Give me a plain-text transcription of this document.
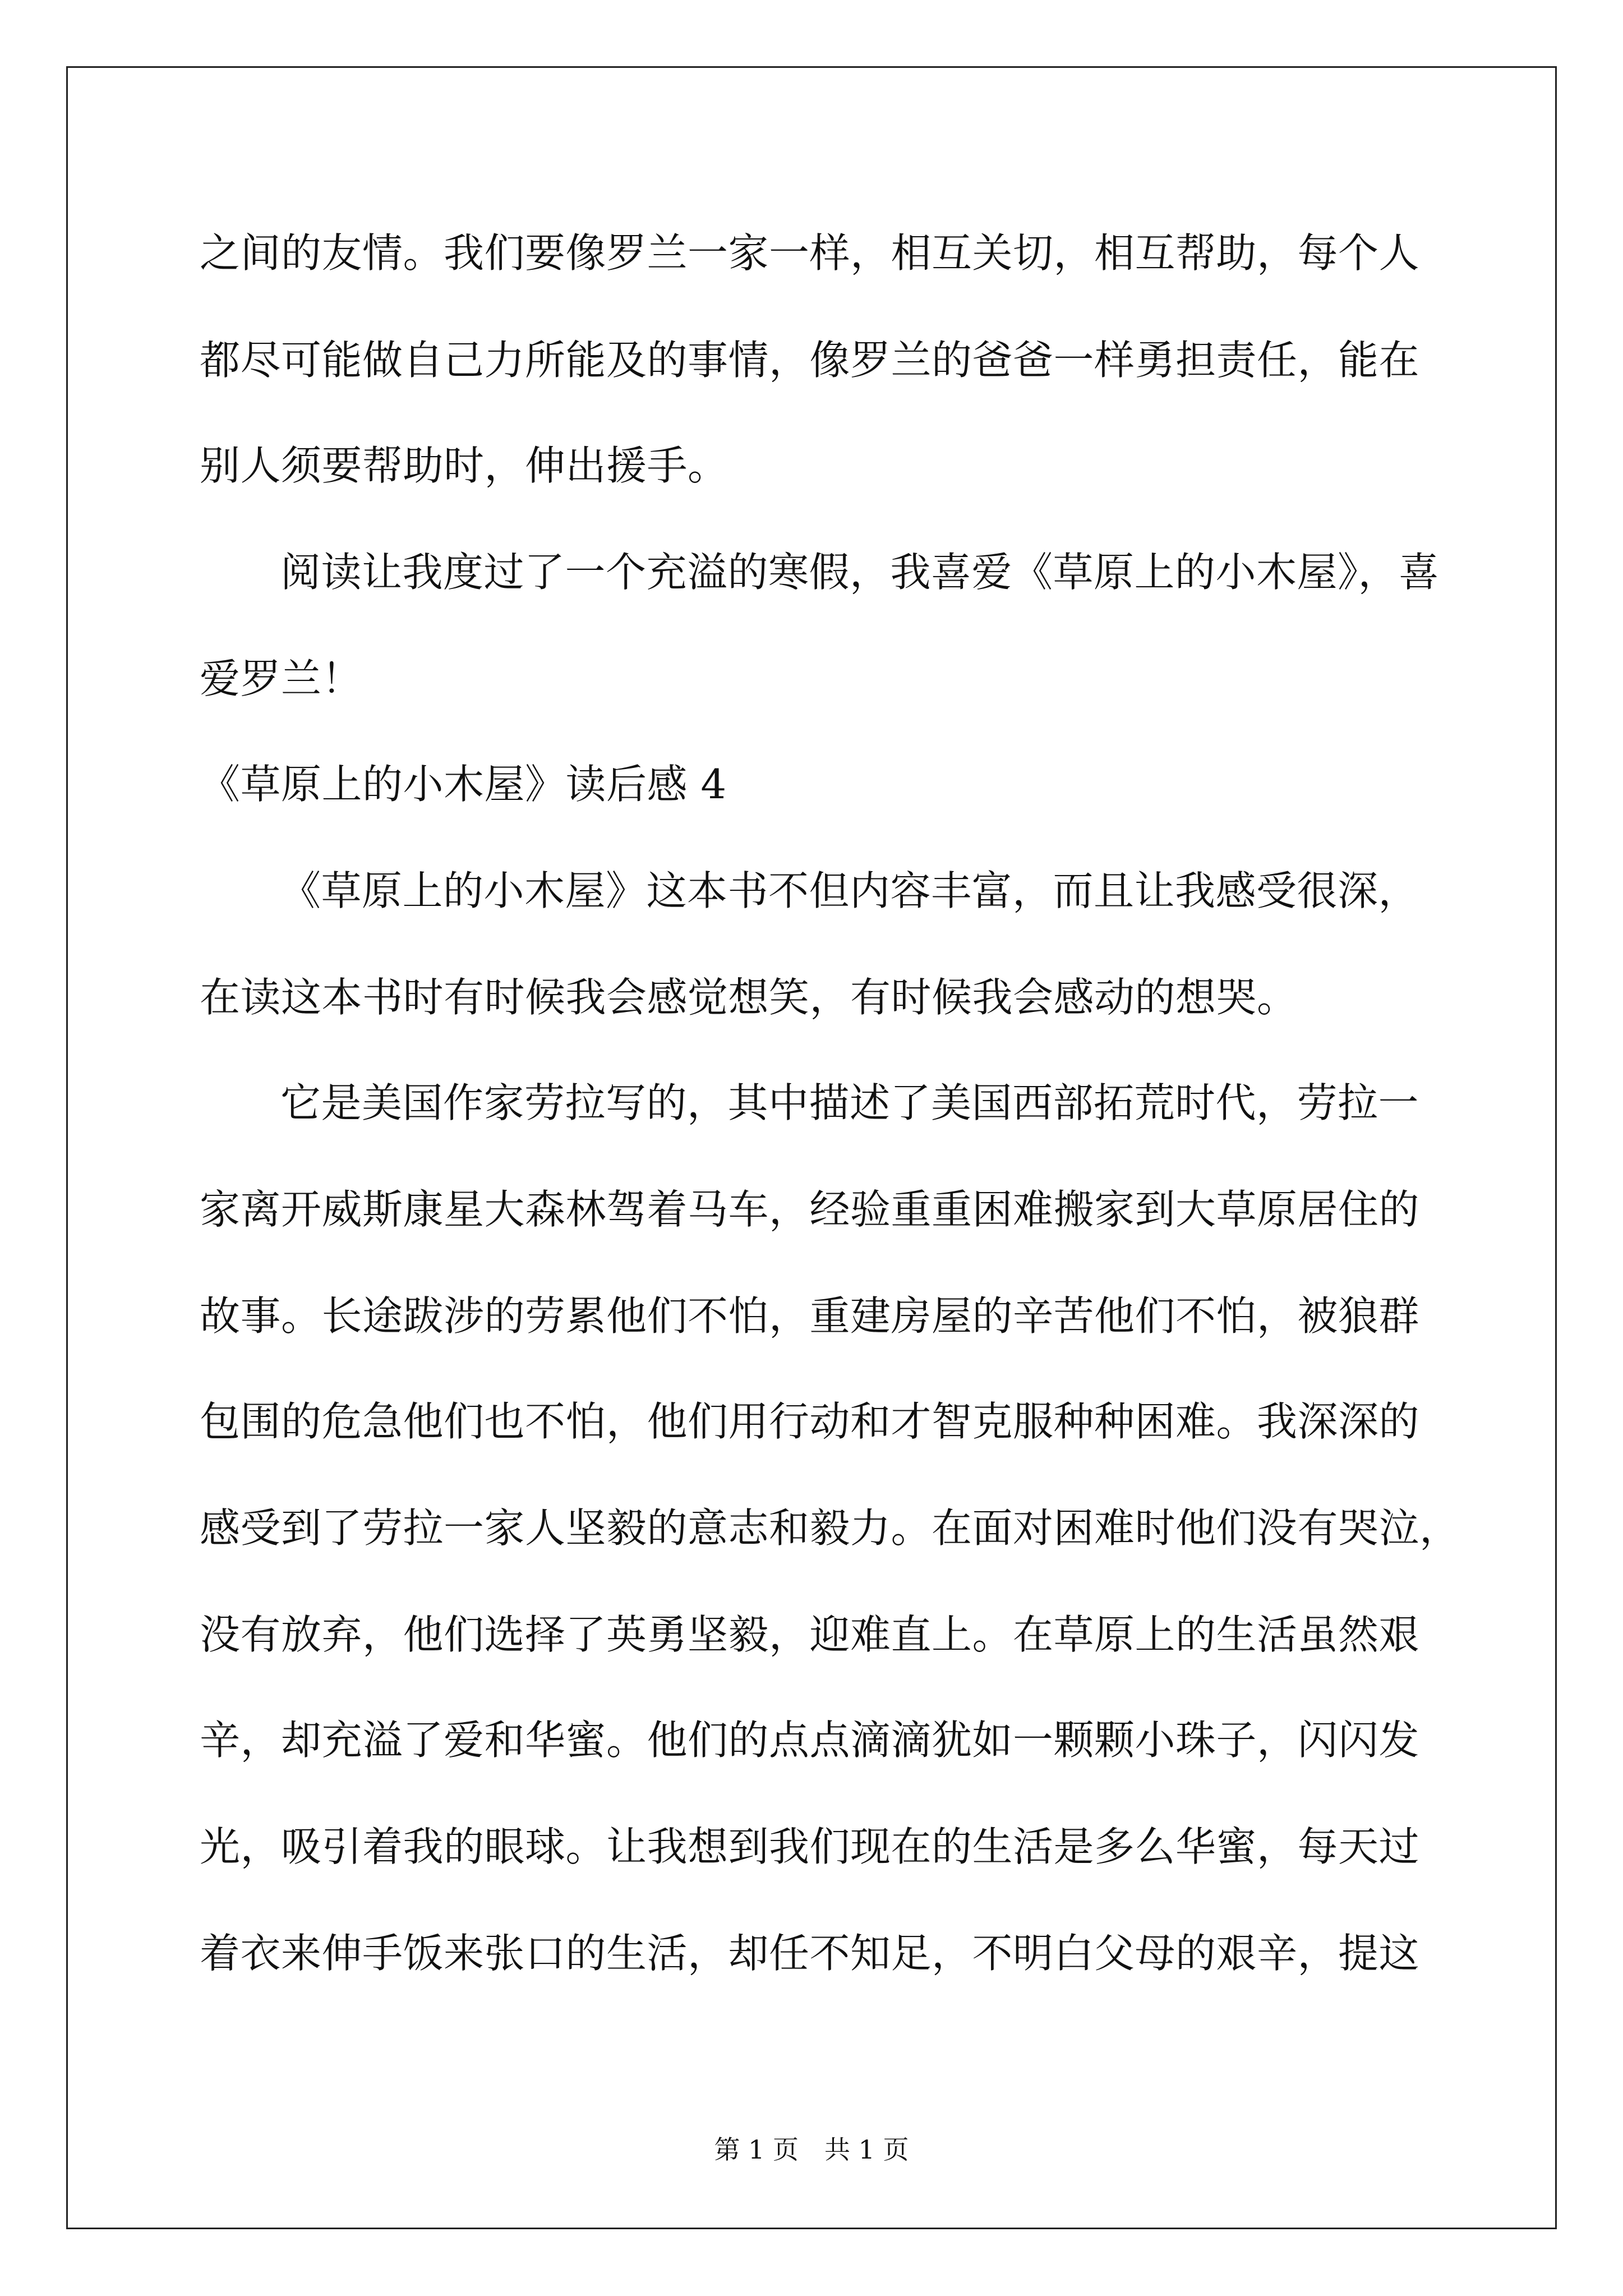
之间的友情。我们要像罗兰一家一样，相互关切，相互帮助，每个人
都尽可能做自己力所能及的事情，像罗兰的爸爸一样勇担责任，能在
别人须要帮助时，伸出援手。
阅读让我度过了一个充溢的寒假，我喜爱《草原上的小木屋》，喜
爱罗兰！
《草原上的小木屋》读后感 4
《草原上的小木屋》这本书不但内容丰富，而且让我感受很深，
在读这本书时有时候我会感觉想笑，有时候我会感动的想哭。
它是美国作家劳拉写的，其中描述了美国西部拓荒时代，劳拉一
家离开威斯康星大森林驾着马车，经验重重困难搬家到大草原居住的
故事。长途跋涉的劳累他们不怕，重建房屋的辛苦他们不怕，被狼群
包围的危急他们也不怕，他们用行动和才智克服种种困难。我深深的
感受到了劳拉一家人坚毅的意志和毅力。在面对困难时他们没有哭泣，
没有放弃，他们选择了英勇坚毅，迎难直上。在草原上的生活虽然艰
辛，却充溢了爱和华蜜。他们的点点滴滴犹如一颗颗小珠子，闪闪发
光，吸引着我的眼球。让我想到我们现在的生活是多么华蜜，每天过
着衣来伸手饭来张口的生活，却任不知足，不明白父母的艰辛，提这
第 1 页　共 1 页
